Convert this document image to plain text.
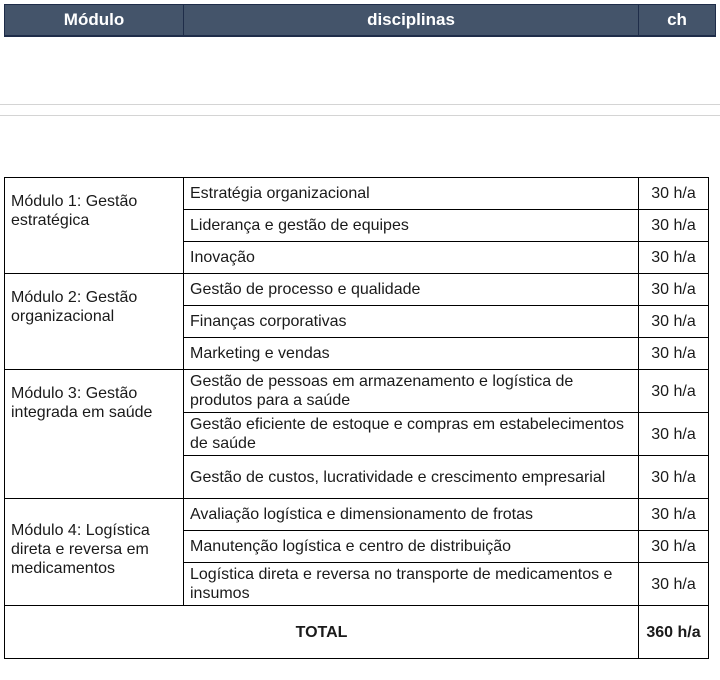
Módulo	disciplinas	ch
Módulo 1: Gestão estratégica	Estratégia organizacional	30 h/a
	Liderança e gestão de equipes	30 h/a
	Inovação	30 h/a
Módulo 2: Gestão organizacional	Gestão de processo e qualidade	30 h/a
	Finanças corporativas	30 h/a
	Marketing e vendas	30 h/a
Módulo 3: Gestão integrada em saúde	Gestão de pessoas em armazenamento e logística de produtos para a saúde	30 h/a
	Gestão eficiente de estoque e compras em estabelecimentos de saúde	30 h/a
	Gestão de custos, lucratividade e crescimento empresarial	30 h/a
Módulo 4: Logística direta e reversa em medicamentos	Avaliação logística e dimensionamento de frotas	30 h/a
	Manutenção logística e centro de distribuição	30 h/a
	Logística direta e reversa no transporte de medicamentos e insumos	30 h/a
TOTAL		360 h/a
